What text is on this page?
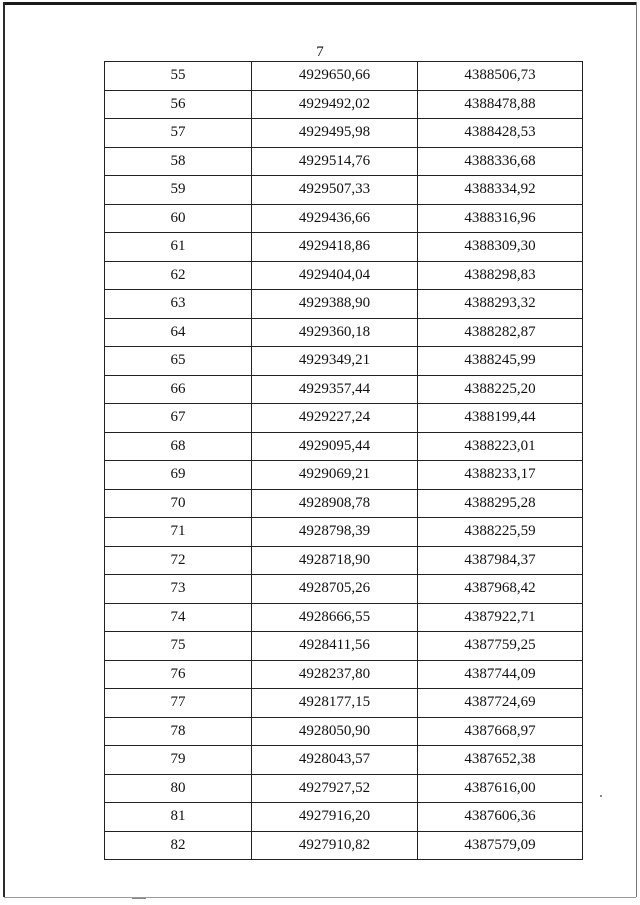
7
55	4929650,66	4388506,73
56	4929492,02	4388478,88
57	4929495,98	4388428,53
58	4929514,76	4388336,68
59	4929507,33	4388334,92
60	4929436,66	4388316,96
61	4929418,86	4388309,30
62	4929404,04	4388298,83
63	4929388,90	4388293,32
64	4929360,18	4388282,87
65	4929349,21	4388245,99
66	4929357,44	4388225,20
67	4929227,24	4388199,44
68	4929095,44	4388223,01
69	4929069,21	4388233,17
70	4928908,78	4388295,28
71	4928798,39	4388225,59
72	4928718,90	4387984,37
73	4928705,26	4387968,42
74	4928666,55	4387922,71
75	4928411,56	4387759,25
76	4928237,80	4387744,09
77	4928177,15	4387724,69
78	4928050,90	4387668,97
79	4928043,57	4387652,38
80	4927927,52	4387616,00
81	4927916,20	4387606,36
82	4927910,82	4387579,09
